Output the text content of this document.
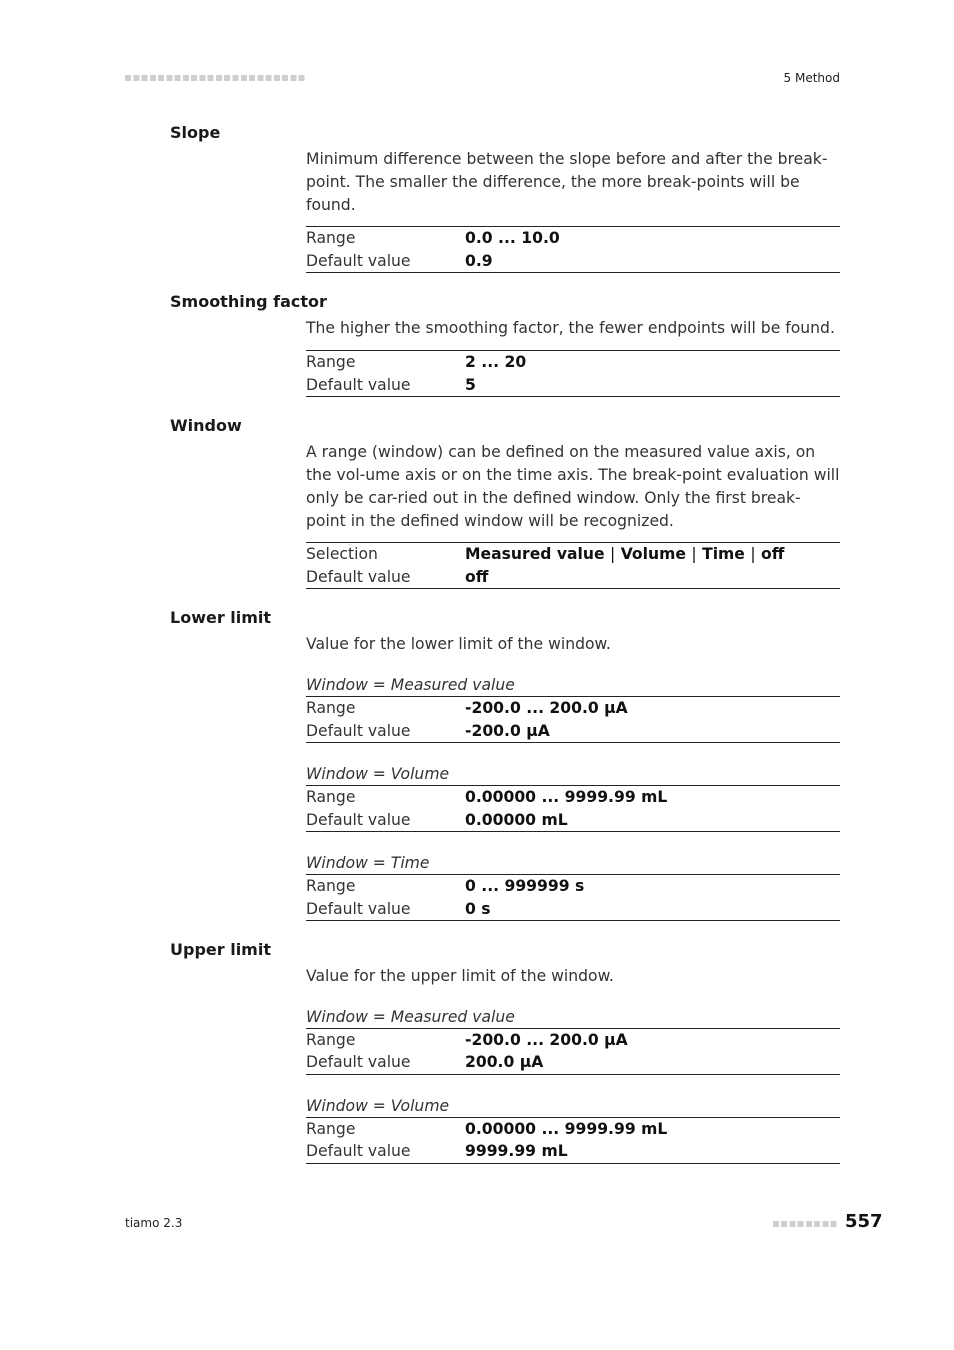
5 Method
Slope

Minimum difference between the slope before and after the break-point. The smaller the difference, the more break-points will be found.

Range	0.0 ... 10.0
Default value	0.9
Smoothing factor

The higher the smoothing factor, the fewer endpoints will be found.

Range	2 ... 20
Default value	5
Window

A range (window) can be defined on the measured value axis, on the vol-ume axis or on the time axis. The break-point evaluation will only be car-ried out in the defined window. Only the first break-point in the defined window will be recognized.

Selection	Measured value | Volume | Time | off
Default value	off
Lower limit

Value for the lower limit of the window.

Window = Measured value
Range	-200.0 ... 200.0 µA
Default value	-200.0 µA
Window = Volume
Range	0.00000 ... 9999.99 mL
Default value	0.00000 mL
Window = Time
Range	0 ... 999999 s
Default value	0 s
Upper limit

Value for the upper limit of the window.

Window = Measured value
Range	-200.0 ... 200.0 µA
Default value	200.0 µA
Window = Volume
Range	0.00000 ... 9999.99 mL
Default value	9999.99 mL
tiamo 2.3	557
